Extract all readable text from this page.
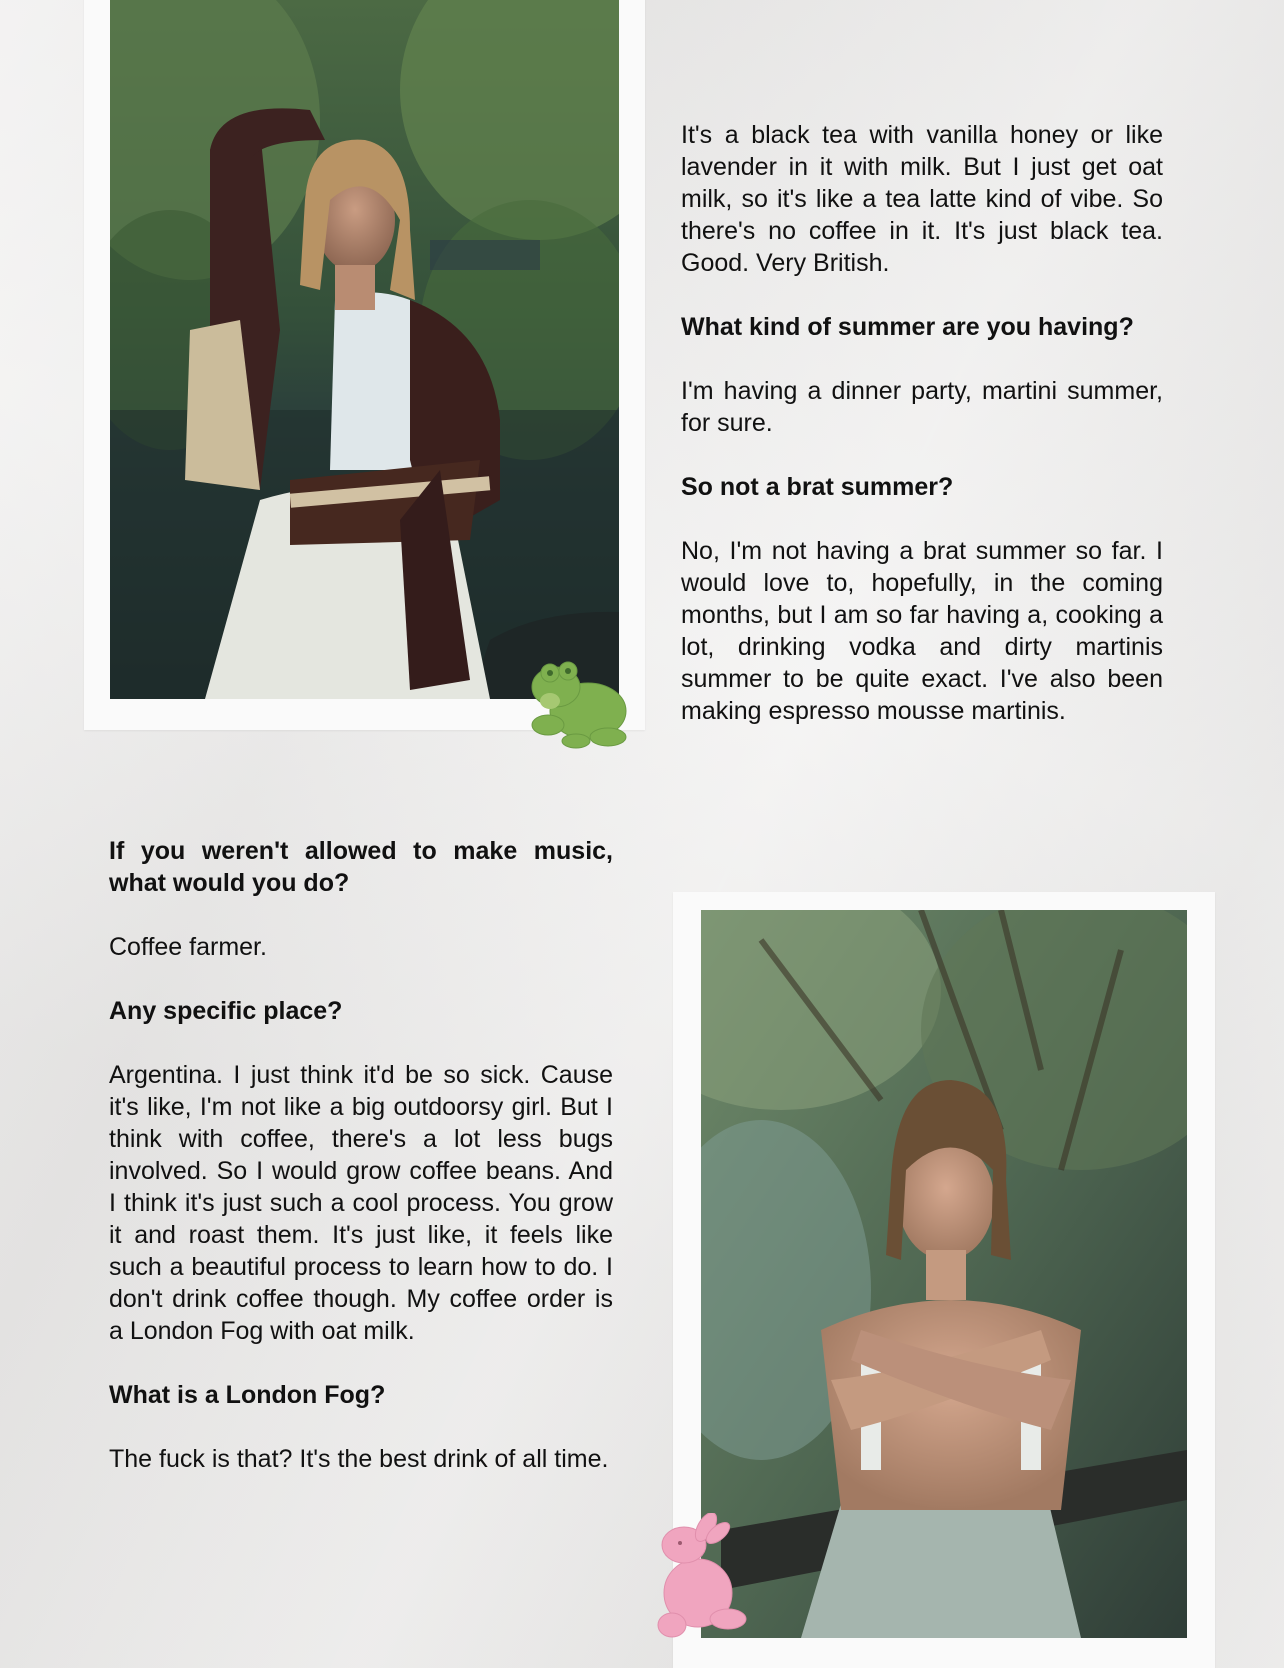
It's a black tea with vanilla honey or like lavender in it with milk. But I just get oat milk, so it's like a tea latte kind of vibe. So there's no coffee in it. It's just black tea. Good. Very British.

What kind of summer are you having?

I'm having a dinner party, martini summer, for sure.

So not a brat summer?

No, I'm not having a brat summer so far. I would love to, hopefully, in the coming months, but I am so far having a, cooking a lot, drinking vodka and dirty martinis summer to be quite exact. I've also been making espresso mousse martinis.

If you weren't allowed to make music, what would you do?

Coffee farmer.

Any specific place?

Argentina. I just think it'd be so sick. Cause it's like, I'm not like a big outdoorsy girl. But I think with coffee, there's a lot less bugs involved. So I would grow coffee beans. And I think it's just such a cool process. You grow it and roast them. It's just like, it feels like such a beautiful process to learn how to do. I don't drink coffee though. My coffee order is a London Fog with oat milk.

What is a London Fog?

The fuck is that? It's the best drink of all time.
